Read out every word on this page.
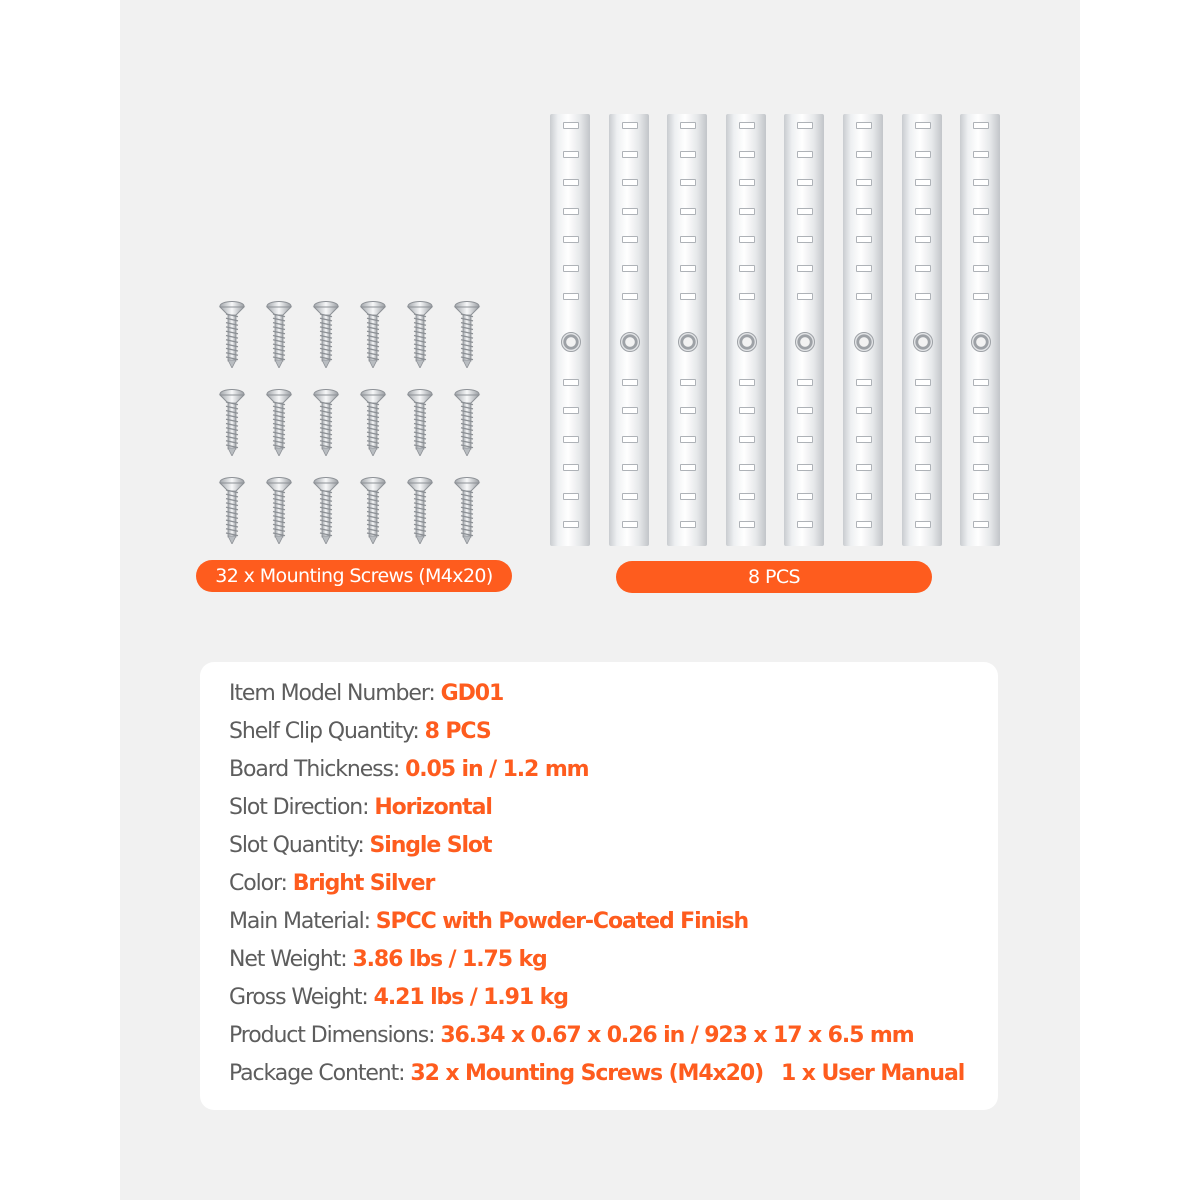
32 x Mounting Screws (M4x20)	8 PCS
Item Model Number: GD01
Shelf Clip Quantity: 8 PCS
Board Thickness: 0.05 in / 1.2 mm
Slot Direction: Horizontal
Slot Quantity: Single Slot
Color: Bright Silver
Main Material: SPCC with Powder-Coated Finish
Net Weight: 3.86 lbs / 1.75 kg
Gross Weight: 4.21 lbs / 1.91 kg
Product Dimensions: 36.34 x 0.67 x 0.26 in / 923 x 17 x 6.5 mm
Package Content: 32 x Mounting Screws (M4x20) 1 x User Manual
